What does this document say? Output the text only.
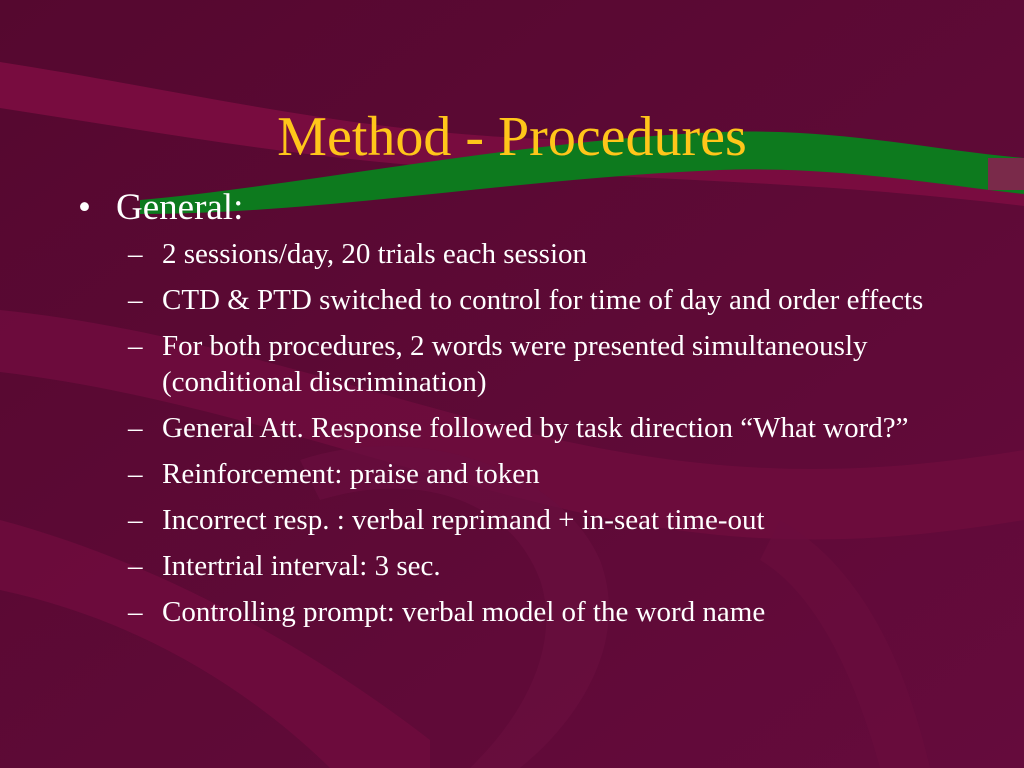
Method - Procedures
• General:
– 2 sessions/day, 20 trials each session
– CTD & PTD switched to control for time of day and order effects
– For both procedures, 2 words were presented simultaneously (conditional discrimination)
– General Att. Response followed by task direction “What word?”
– Reinforcement: praise and token
– Incorrect resp. : verbal reprimand + in-seat time-out
– Intertrial interval: 3 sec.
– Controlling prompt: verbal model of the word name
